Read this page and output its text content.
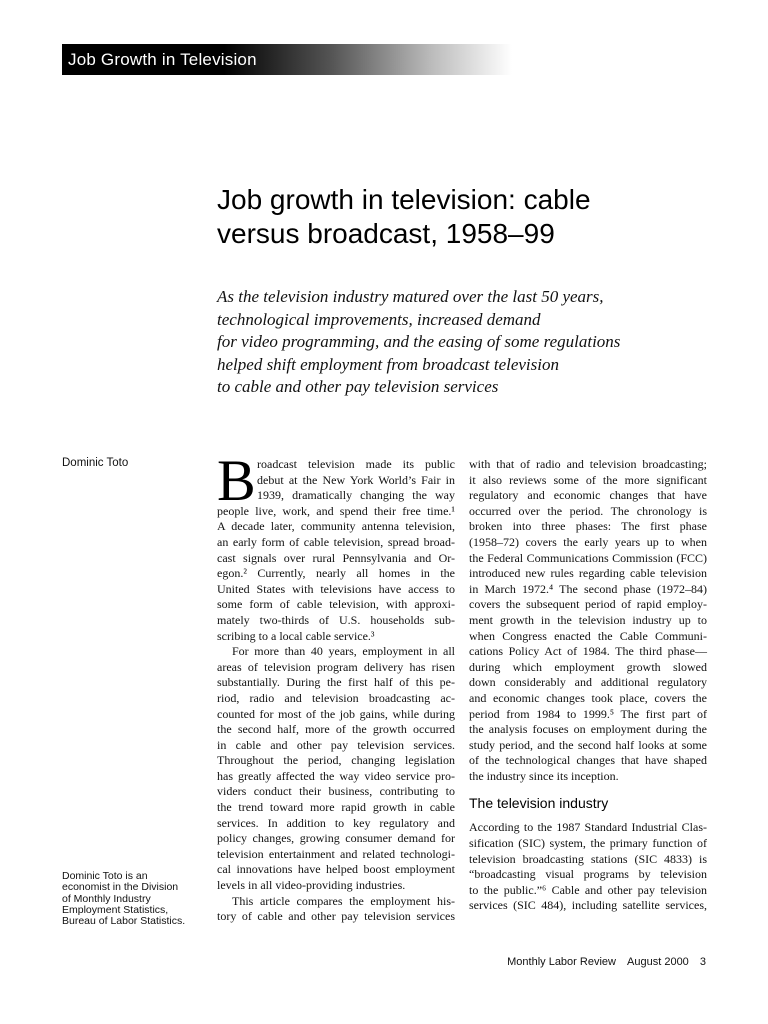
Job Growth in Television
Job growth in television: cable
versus broadcast, 1958–99
As the television industry matured over the last 50 years,
technological improvements, increased demand
for video programming, and the easing of some regulations
helped shift employment from broadcast television
to cable and other pay television services
Dominic Toto
Dominic Toto is an
economist in the Division
of Monthly Industry
Employment Statistics,
Bureau of Labor Statistics.
B roadcast television made its public
debut at the New York World’s Fair in
1939, dramatically changing the way
people live, work, and spend their free time.¹
A decade later, community antenna television,
an early form of cable television, spread broad-
cast signals over rural Pennsylvania and Or-
egon.² Currently, nearly all homes in the
United States with televisions have access to
some form of cable television, with approxi-
mately two-thirds of U.S. households sub-
scribing to a local cable service.³
For more than 40 years, employment in all
areas of television program delivery has risen
substantially. During the first half of this pe-
riod, radio and television broadcasting ac-
counted for most of the job gains, while during
the second half, more of the growth occurred
in cable and other pay television services.
Throughout the period, changing legislation
has greatly affected the way video service pro-
viders conduct their business, contributing to
the trend toward more rapid growth in cable
services. In addition to key regulatory and
policy changes, growing consumer demand for
television entertainment and related technologi-
cal innovations have helped boost employment
levels in all video-providing industries.
This article compares the employment his-
tory of cable and other pay television services
with that of radio and television broadcasting;
it also reviews some of the more significant
regulatory and economic changes that have
occurred over the period. The chronology is
broken into three phases: The first phase
(1958–72) covers the early years up to when
the Federal Communications Commission (FCC)
introduced new rules regarding cable television
in March 1972.⁴ The second phase (1972–84)
covers the subsequent period of rapid employ-
ment growth in the television industry up to
when Congress enacted the Cable Communi-
cations Policy Act of 1984. The third phase—
during which employment growth slowed
down considerably and additional regulatory
and economic changes took place, covers the
period from 1984 to 1999.⁵ The first part of
the analysis focuses on employment during the
study period, and the second half looks at some
of the technological changes that have shaped
the industry since its inception.
The television industry
According to the 1987 Standard Industrial Clas-
sification (SIC) system, the primary function of
television broadcasting stations (SIC 4833) is
“broadcasting visual programs by television
to the public.”⁶ Cable and other pay television
services (SIC 484), including satellite services,
Monthly Labor Review August 2000 3
